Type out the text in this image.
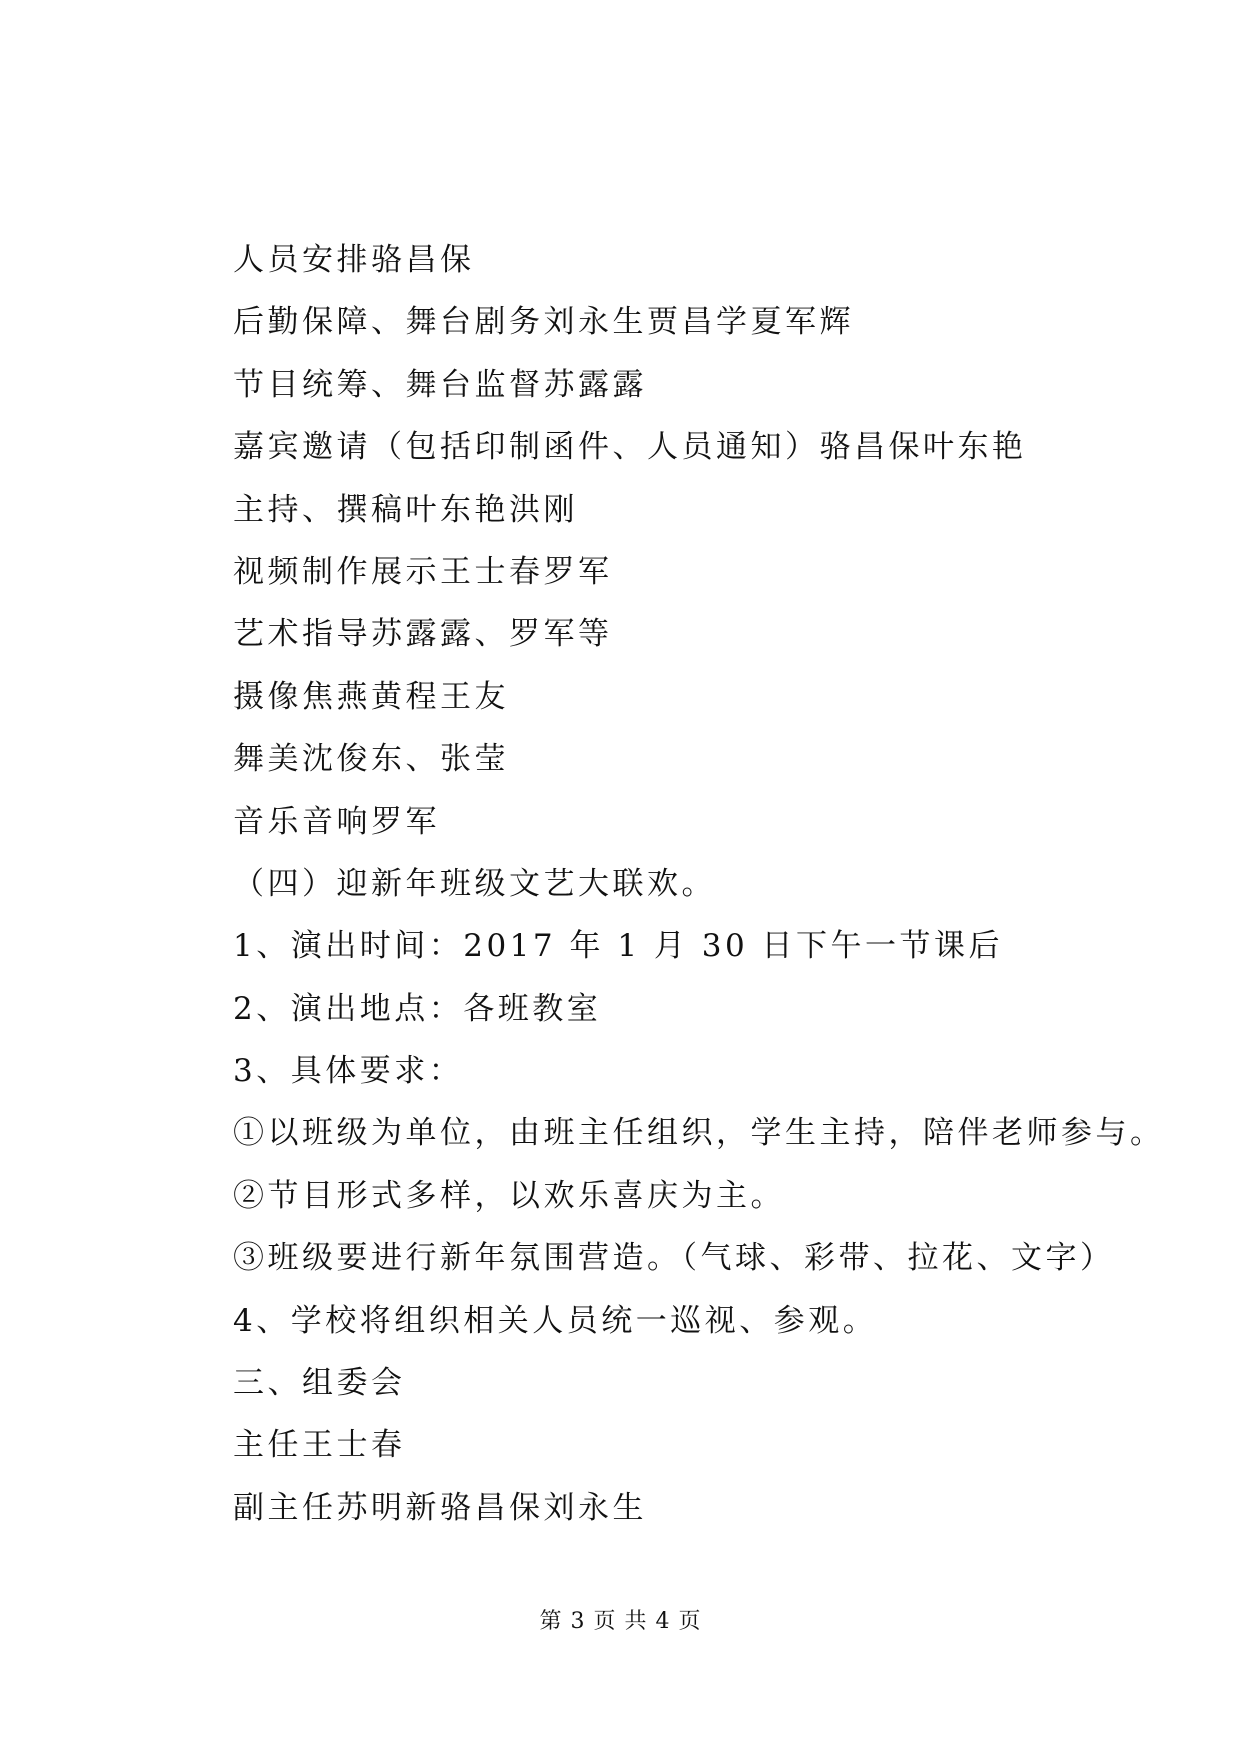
人员安排骆昌保
后勤保障、舞台剧务刘永生贾昌学夏军辉
节目统筹、舞台监督苏露露
嘉宾邀请（包括印制函件、人员通知）骆昌保叶东艳
主持、撰稿叶东艳洪刚
视频制作展示王士春罗军
艺术指导苏露露、罗军等
摄像焦燕黄程王友
舞美沈俊东、张莹
音乐音响罗军
（四）迎新年班级文艺大联欢。
1、演出时间：2017 年 1 月 30 日下午一节课后
2、演出地点：各班教室
3、具体要求：
①以班级为单位，由班主任组织，学生主持，陪伴老师参与。
②节目形式多样，以欢乐喜庆为主。
③班级要进行新年氛围营造。（气球、彩带、拉花、文字）
4、学校将组织相关人员统一巡视、参观。
三、组委会
主任王士春
副主任苏明新骆昌保刘永生
第 3 页 共 4 页
